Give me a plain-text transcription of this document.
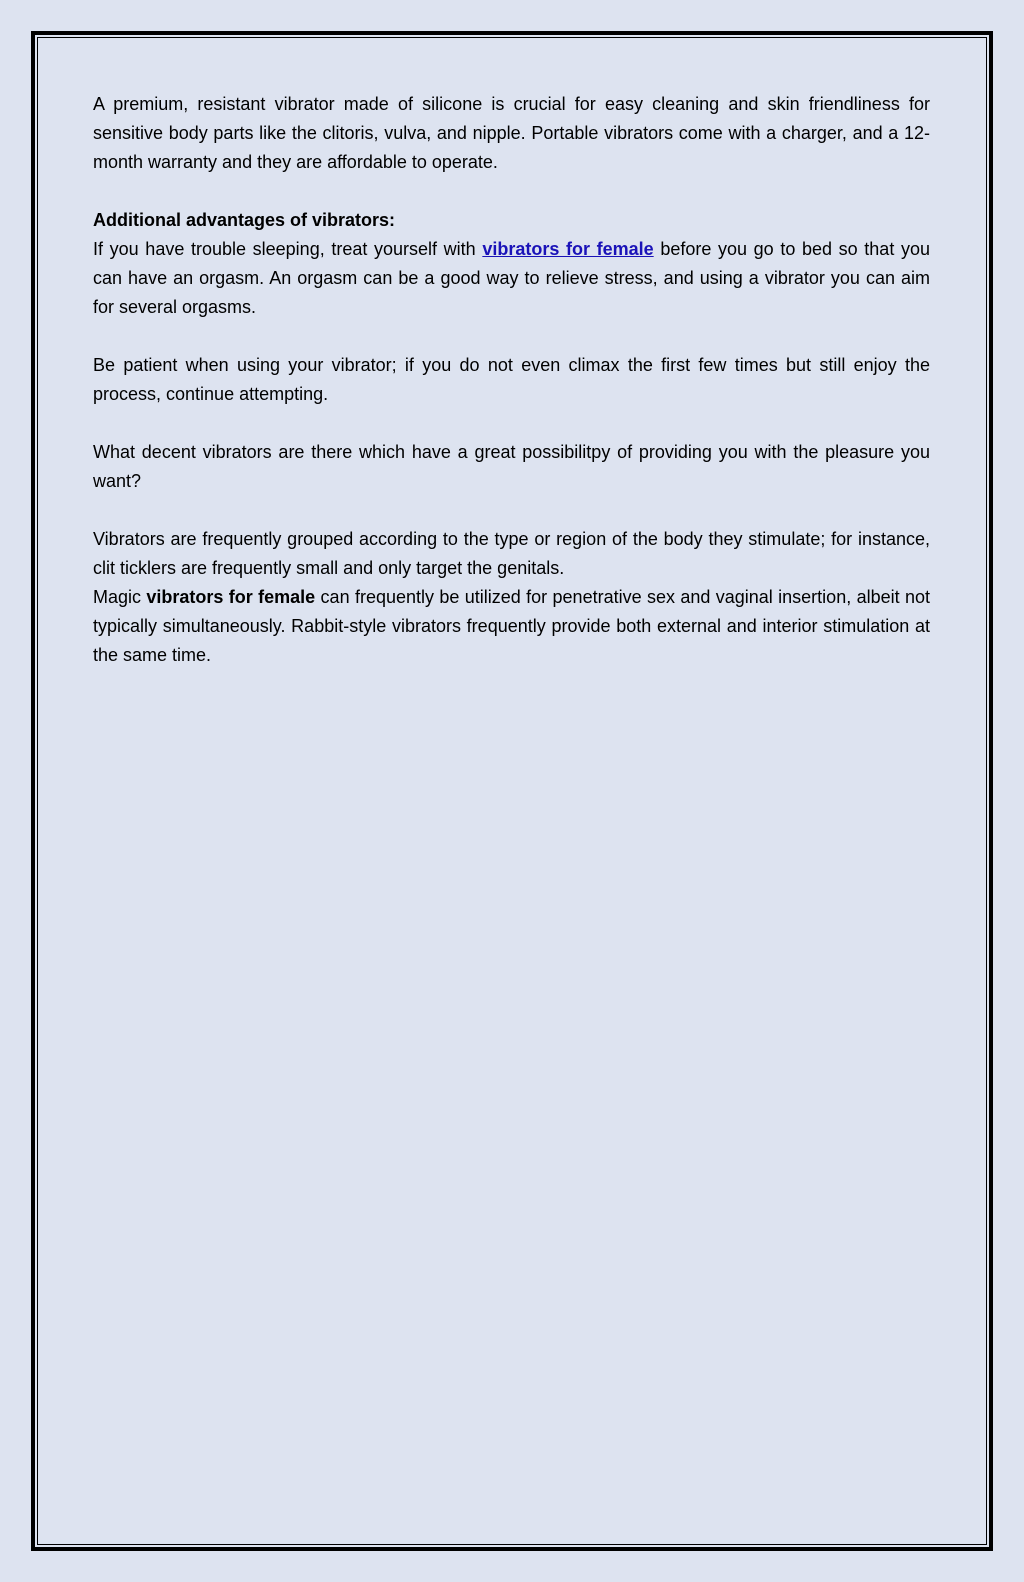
A premium, resistant vibrator made of silicone is crucial for easy cleaning and skin friendliness for sensitive body parts like the clitoris, vulva, and nipple. Portable vibrators come with a charger, and a 12-month warranty and they are affordable to operate.

Additional advantages of vibrators:

If you have trouble sleeping, treat yourself with vibrators for female before you go to bed so that you can have an orgasm. An orgasm can be a good way to relieve stress, and using a vibrator you can aim for several orgasms.

Be patient when using your vibrator; if you do not even climax the first few times but still enjoy the process, continue attempting.

What decent vibrators are there which have a great possibilitpy of providing you with the pleasure you want?

Vibrators are frequently grouped according to the type or region of the body they stimulate; for instance, clit ticklers are frequently small and only target the genitals.

Magic vibrators for female can frequently be utilized for penetrative sex and vaginal insertion, albeit not typically simultaneously. Rabbit-style vibrators frequently provide both external and interior stimulation at the same time.
